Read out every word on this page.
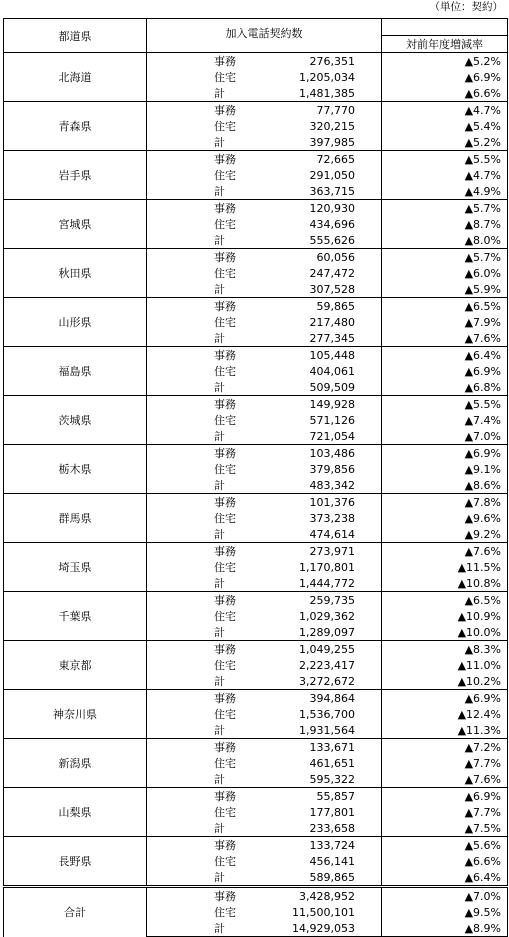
（単位：契約）
都道県	加入電話契約数		
			対前年度増減率
北海道	事務	276,351	▲5.2%
	住宅	1,205,034	▲6.9%
	計	1,481,385	▲6.6%
青森県	事務	77,770	▲4.7%
	住宅	320,215	▲5.4%
	計	397,985	▲5.2%
岩手県	事務	72,665	▲5.5%
	住宅	291,050	▲4.7%
	計	363,715	▲4.9%
宮城県	事務	120,930	▲5.7%
	住宅	434,696	▲8.7%
	計	555,626	▲8.0%
秋田県	事務	60,056	▲5.7%
	住宅	247,472	▲6.0%
	計	307,528	▲5.9%
山形県	事務	59,865	▲6.5%
	住宅	217,480	▲7.9%
	計	277,345	▲7.6%
福島県	事務	105,448	▲6.4%
	住宅	404,061	▲6.9%
	計	509,509	▲6.8%
茨城県	事務	149,928	▲5.5%
	住宅	571,126	▲7.4%
	計	721,054	▲7.0%
栃木県	事務	103,486	▲6.9%
	住宅	379,856	▲9.1%
	計	483,342	▲8.6%
群馬県	事務	101,376	▲7.8%
	住宅	373,238	▲9.6%
	計	474,614	▲9.2%
埼玉県	事務	273,971	▲7.6%
	住宅	1,170,801	▲11.5%
	計	1,444,772	▲10.8%
千葉県	事務	259,735	▲6.5%
	住宅	1,029,362	▲10.9%
	計	1,289,097	▲10.0%
東京都	事務	1,049,255	▲8.3%
	住宅	2,223,417	▲11.0%
	計	3,272,672	▲10.2%
神奈川県	事務	394,864	▲6.9%
	住宅	1,536,700	▲12.4%
	計	1,931,564	▲11.3%
新潟県	事務	133,671	▲7.2%
	住宅	461,651	▲7.7%
	計	595,322	▲7.6%
山梨県	事務	55,857	▲6.9%
	住宅	177,801	▲7.7%
	計	233,658	▲7.5%
長野県	事務	133,724	▲5.6%
	住宅	456,141	▲6.6%
	計	589,865	▲6.4%
合計	事務	3,428,952	▲7.0%
	住宅	11,500,101	▲9.5%
	計	14,929,053	▲8.9%
